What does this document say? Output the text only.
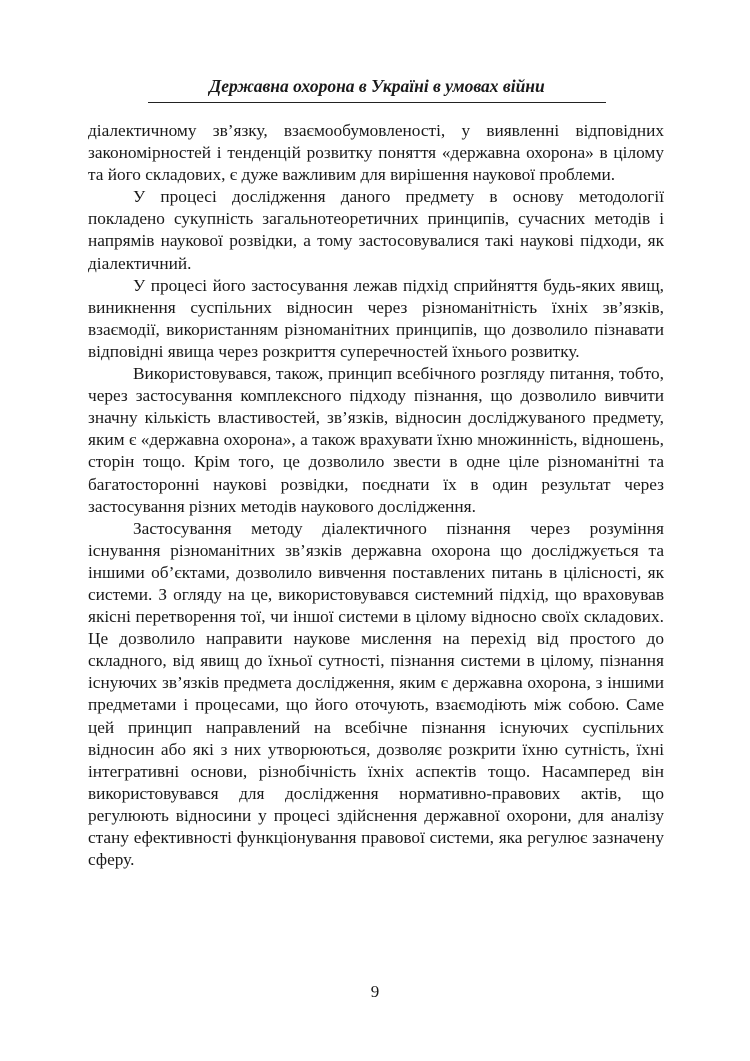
Державна охорона в Україні в умовах війни

діалектичному зв’язку, взаємообумовленості, у виявленні відповідних закономірностей і тенденцій розвитку поняття «державна охорона» в цілому та його складових, є дуже важливим для вирішення наукової проблеми.

У процесі дослідження даного предмету в основу методології покладено сукупність загальнотеоретичних принципів, сучасних методів і напрямів наукової розвідки, а тому застосовувалися такі наукові підходи, як діалектичний.

У процесі його застосування лежав підхід сприйняття будь-яких явищ, виникнення суспільних відносин через різноманітність їхніх зв’язків, взаємодії, використанням різноманітних принципів, що дозволило пізнавати відповідні явища через розкриття суперечностей їхнього розвитку.

Використовувався, також, принцип всебічного розгляду питання, тобто, через застосування комплексного підходу пізнання, що дозволило вивчити значну кількість властивостей, зв’язків, відносин досліджуваного предмету, яким є «державна охорона», а також врахувати їхню множинність, відношень, сторін тощо. Крім того, це дозволило звести в одне ціле різноманітні та багатосторонні наукові розвідки, поєднати їх в один результат через застосування різних методів наукового дослідження.

Застосування методу діалектичного пізнання через розуміння існування різноманітних зв’язків державна охорона що досліджується та іншими об’єктами, дозволило вивчення поставлених питань в цілісності, як системи. З огляду на це, використовувався системний підхід, що враховував якісні перетворення тої, чи іншої системи в цілому відносно своїх складових. Це дозволило направити наукове мислення на перехід від простого до складного, від явищ до їхньої сутності, пізнання системи в цілому, пізнання існуючих зв’язків предмета дослідження, яким є державна охорона, з іншими предметами і процесами, що його оточують, взаємодіють між собою. Саме цей принцип направлений на всебічне пізнання існуючих суспільних відносин або які з них утворюються, дозволяє розкрити їхню сутність, їхні інтегративні основи, різнобічність їхніх аспектів тощо. Насамперед він використовувався для дослідження нормативно-правових актів, що регулюють відносини у процесі здійснення державної охорони, для аналізу стану ефективності функціонування правової системи, яка регулює зазначену сферу.

9
